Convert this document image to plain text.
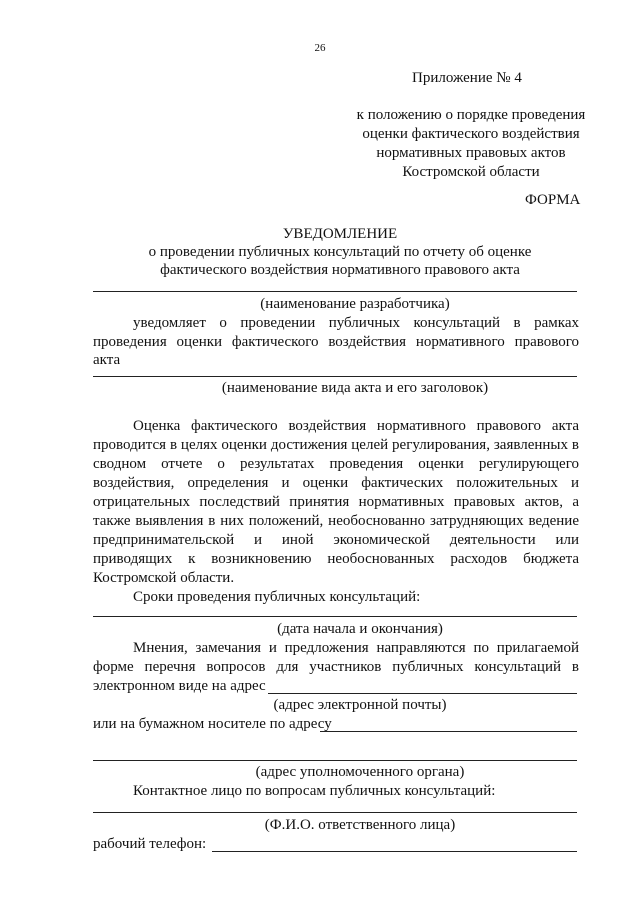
26
Приложение № 4
к положению о порядке проведения
оценки фактического воздействия
нормативных правовых актов
Костромской области
ФОРМА
УВЕДОМЛЕНИЕ
о проведении публичных консультаций по отчету об оценке
фактического воздействия нормативного правового акта
(наименование разработчика)
уведомляет о проведении публичных консультаций в рамках
проведения оценки фактического воздействия нормативного правового
акта
(наименование вида акта и его заголовок)
Оценка фактического воздействия нормативного правового акта
проводится в целях оценки достижения целей регулирования, заявленных в
сводном отчете о результатах проведения оценки регулирующего
воздействия, определения и оценки фактических положительных и
отрицательных последствий принятия нормативных правовых актов, а
также выявления в них положений, необоснованно затрудняющих ведение
предпринимательской и иной экономической деятельности или
приводящих к возникновению необоснованных расходов бюджета
Костромской области.
Сроки проведения публичных консультаций:
(дата начала и окончания)
Мнения, замечания и предложения направляются по прилагаемой
форме перечня вопросов для участников публичных консультаций в
электронном виде на адрес
(адрес электронной почты)
или на бумажном носителе по адресу
(адрес уполномоченного органа)
Контактное лицо по вопросам публичных консультаций:
(Ф.И.О. ответственного лица)
рабочий телефон:
